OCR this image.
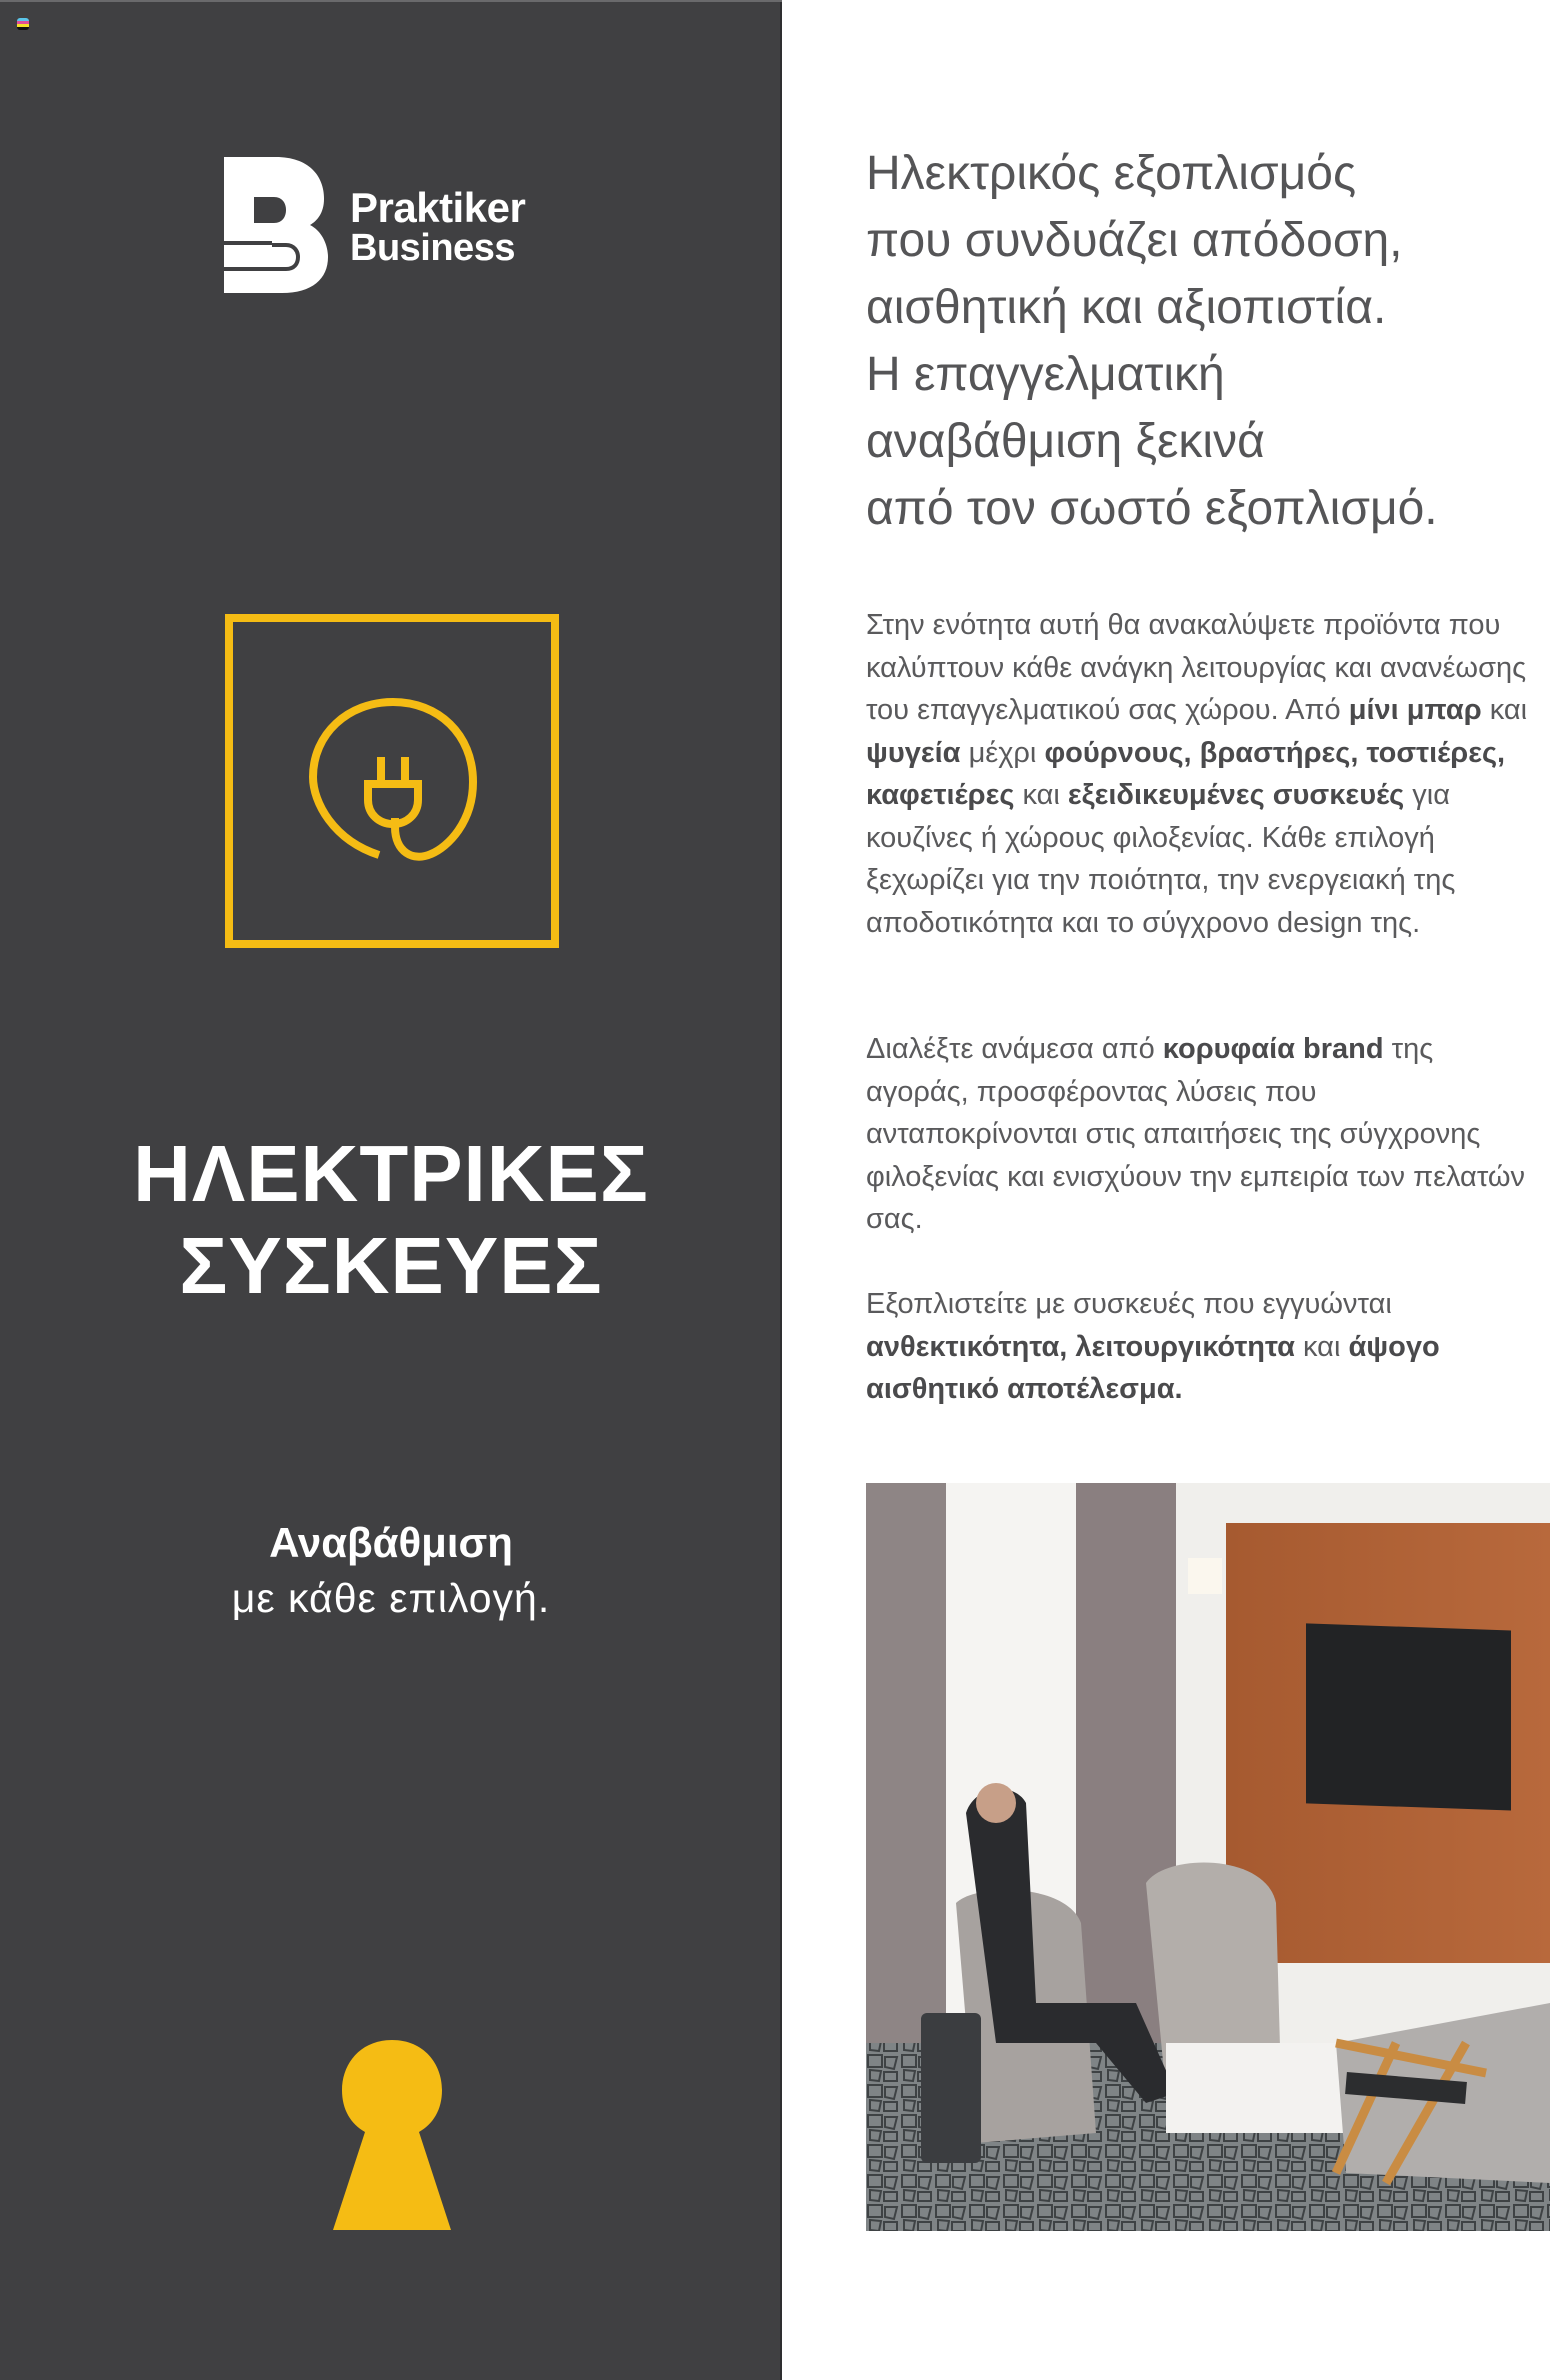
Praktiker
Business
ΗΛΕΚΤΡΙΚΕΣ
ΣΥΣΚΕΥΕΣ
Αναβάθμιση
με κάθε επιλογή.
Ηλεκτρικός εξοπλισμός
που συνδυάζει απόδοση,
αισθητική και αξιοπιστία.
Η επαγγελματική
αναβάθμιση ξεκινά
από τον σωστό εξοπλισμό.

Στην ενότητα αυτή θα ανακαλύψετε προϊόντα που καλύπτουν κάθε ανάγκη λειτουργίας και ανανέωσης του επαγγελματικού σας χώρου. Από μίνι μπαρ και ψυγεία μέχρι φούρνους, βραστήρες, τοστιέρες, καφετιέρες και εξειδικευμένες συσκευές για κουζίνες ή χώρους φιλοξενίας. Κάθε επιλογή ξεχωρίζει για την ποιότητα, την ενεργειακή της αποδοτικότητα και το σύγχρονο design της.

Διαλέξτε ανάμεσα από κορυφαία brand της αγοράς, προσφέροντας λύσεις που ανταποκρίνονται στις απαιτήσεις της σύγχρονης φιλοξενίας και ενισχύουν την εμπειρία των πελατών σας.

Εξοπλιστείτε με συσκευές που εγγυώνται ανθεκτικότητα, λειτουργικότητα και άψογο αισθητικό αποτέλεσμα.
